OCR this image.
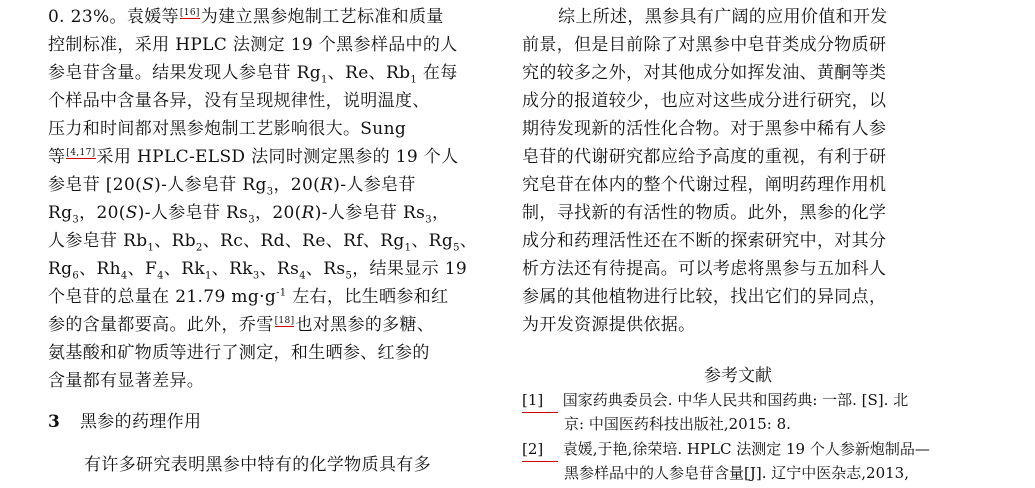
0. 23%。袁媛等[16]为建立黑参炮制工艺标准和质量
控制标准，采用 HPLC 法测定 19 个黑参样品中的人
参皂苷含量。结果发现人参皂苷 $Rg_1$、Re、$Rb_1$ 在每
个样品中含量各异，没有呈现规律性，说明温度、
压力和时间都对黑参炮制工艺影响很大。Sung
等[4,17]采用 HPLC-ELSD 法同时测定黑参的 19 个人
参皂苷 [20(S)-人参皂苷 $Rg_3$，20(R)-人参皂苷
$Rg_3$，20(S)-人参皂苷 $Rs_3$，20(R)-人参皂苷 $Rs_3$，
人参皂苷 $Rb_1$、$Rb_2$、Rc、Rd、Re、Rf、$Rg_1$、$Rg_5$、
$Rg_6$、$Rh_4$、$F_4$、$Rk_1$、$Rk_3$、$Rs_4$、$Rs_5$，结果显示 19
个皂苷的总量在 21.79 $mg\cdot g^{-1}$ 左右，比生晒参和红
参的含量都要高。此外，乔雪[18]也对黑参的多糖、
氨基酸和矿物质等进行了测定，和生晒参、红参的
含量都有显著差异。
3 黑参的药理作用
有许多研究表明黑参中特有的化学物质具有多
综上所述，黑参具有广阔的应用价值和开发
前景，但是目前除了对黑参中皂苷类成分物质研
究的较多之外，对其他成分如挥发油、黄酮等类
成分的报道较少，也应对这些成分进行研究，以
期待发现新的活性化合物。对于黑参中稀有人参
皂苷的代谢研究都应给予高度的重视，有利于研
究皂苷在体内的整个代谢过程，阐明药理作用机
制，寻找新的有活性的物质。此外，黑参的化学
成分和药理活性还在不断的探索研究中，对其分
析方法还有待提高。可以考虑将黑参与五加科人
参属的其他植物进行比较，找出它们的异同点，
为开发资源提供依据。
参考文献
[1] 国家药典委员会. 中华人民共和国药典: 一部. [S]. 北
京: 中国医药科技出版社,2015: 8.
[2] 袁媛,于艳,徐荣培. HPLC 法测定 19 个人参新炮制品—
黑参样品中的人参皂苷含量[J]. 辽宁中医杂志,2013,
